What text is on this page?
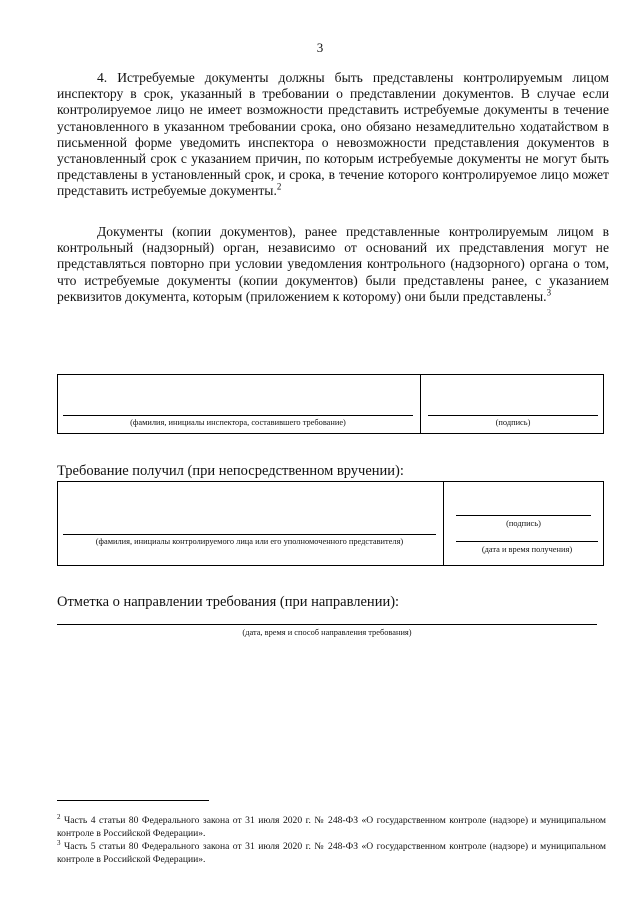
3

4. Истребуемые документы должны быть представлены контролируемым лицом инспектору в срок, указанный в требовании о представлении документов. В случае если контролируемое лицо не имеет возможности представить истребуемые документы в течение установленного в указанном требовании срока, оно обязано незамедлительно ходатайством в письменной форме уведомить инспектора о невозможности представления документов в установленный срок с указанием причин, по которым истребуемые документы не могут быть представлены в установленный срок, и срока, в течение которого контролируемое лицо может представить истребуемые документы.$^2$

Документы (копии документов), ранее представленные контролируемым лицом в контрольный (надзорный) орган, независимо от оснований их представления могут не представляться повторно при условии уведомления контрольного (надзорного) органа о том, что истребуемые документы (копии документов) были представлены ранее, с указанием реквизитов документа, которым (приложением к которому) они были представлены.$^3$

(фамилия, инициалы инспектора, составившего требование)	(подпись)
Требование получил (при непосредственном вручении):
(фамилия, инициалы контролируемого лица или его уполномоченного представителя)
(подпись)
(дата и время получения)
Отметка о направлении требования (при направлении):
(дата, время и способ направления требования)

$^2$ Часть 4 статьи 80 Федерального закона от 31 июля 2020 г. № 248-ФЗ «О государственном контроле (надзоре) и муниципальном контроле в Российской Федерации».

$^3$ Часть 5 статьи 80 Федерального закона от 31 июля 2020 г. № 248-ФЗ «О государственном контроле (надзоре) и муниципальном контроле в Российской Федерации».
